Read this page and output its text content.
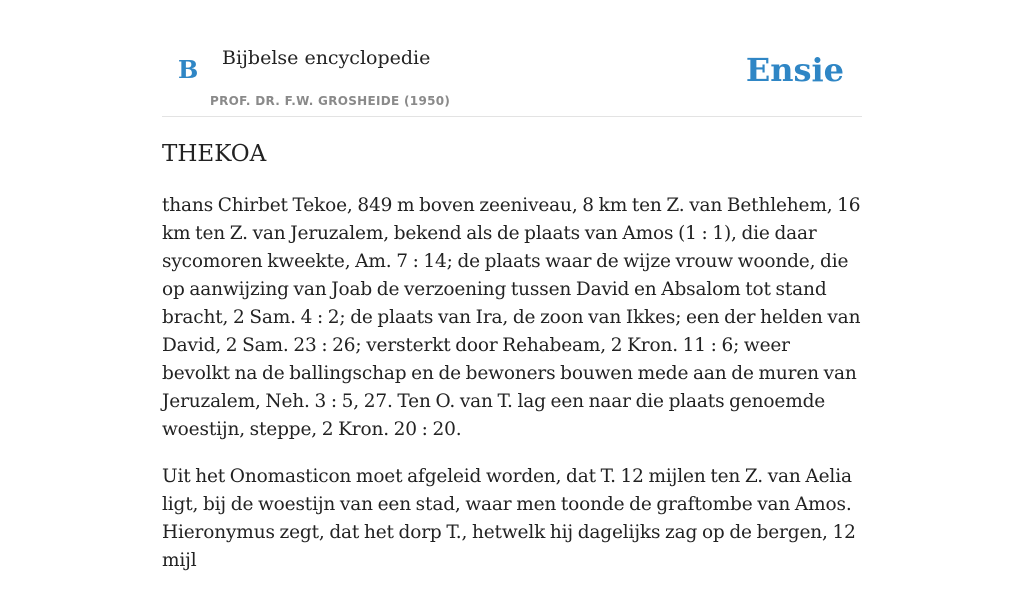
B Bijbelse encyclopedie
PROF. DR. F.W. GROSHEIDE (1950)
Ensie
THEKOA

thans Chirbet Tekoe, 849 m boven zeeniveau, 8 km ten Z. van Bethlehem, 16 km ten Z. van Jeruzalem, bekend als de plaats van Amos (1 : 1), die daar sycomoren kweekte, Am. 7 : 14; de plaats waar de wijze vrouw woonde, die op aanwijzing van Joab de verzoening tussen David en Absalom tot stand bracht, 2 Sam. 4 : 2; de plaats van Ira, de zoon van Ikkes; een der helden van David, 2 Sam. 23 : 26; versterkt door Rehabeam, 2 Kron. 11 : 6; weer bevolkt na de ballingschap en de bewoners bouwen mede aan de muren van Jeruzalem, Neh. 3 : 5, 27. Ten O. van T. lag een naar die plaats genoemde woestijn, steppe, 2 Kron. 20 : 20.

Uit het Onomasticon moet afgeleid worden, dat T. 12 mijlen ten Z. van Aelia ligt, bij de woestijn van een stad, waar men toonde de graftombe van Amos. Hieronymus zegt, dat het dorp T., hetwelk hij dagelijks zag op de bergen, 12 mijl
